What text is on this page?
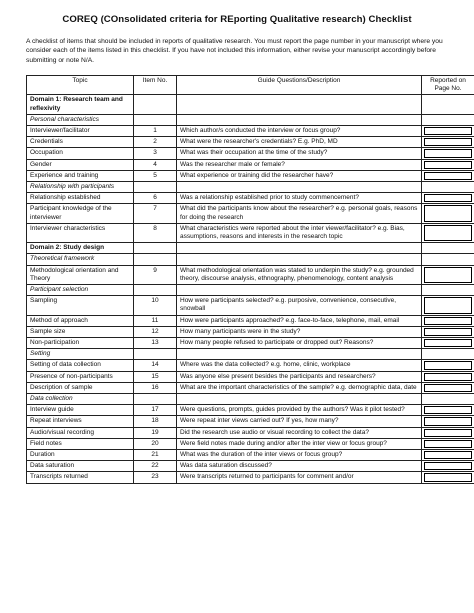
COREQ (COnsolidated criteria for REporting Qualitative research) Checklist
A checklist of items that should be included in reports of qualitative research. You must report the page number in your manuscript where you consider each of the items listed in this checklist. If you have not included this information, either revise your manuscript accordingly before submitting or note N/A.
Topic	Item No.	Guide Questions/Description	Reported on Page No.
Domain 1: Research team and reflexivity			
Personal characteristics			
Interviewer/facilitator	1	Which author/s conducted the interview or focus group?	

Credentials	2	What were the researcher's credentials? E.g. PhD, MD	

Occupation	3	What was their occupation at the time of the study?	

Gender	4	Was the researcher male or female?	

Experience and training	5	What experience or training did the researcher have?	

Relationship with participants			
Relationship established	6	Was a relationship established prior to study commencement?	

Participant knowledge of the interviewer	7	What did the participants know about the researcher? e.g. personal goals, reasons for doing the research	

Interviewer characteristics	8	What characteristics were reported about the inter viewer/facilitator? e.g. Bias, assumptions, reasons and interests in the research topic	

Domain 2: Study design			
Theoretical framework			
Methodological orientation and Theory	9	What methodological orientation was stated to underpin the study? e.g. grounded theory, discourse analysis, ethnography, phenomenology, content analysis	

Participant selection			
Sampling	10	How were participants selected? e.g. purposive, convenience, consecutive, snowball	

Method of approach	11	How were participants approached? e.g. face-to-face, telephone, mail, email	

Sample size	12	How many participants were in the study?	

Non-participation	13	How many people refused to participate or dropped out? Reasons?	

Setting			
Setting of data collection	14	Where was the data collected? e.g. home, clinic, workplace	

Presence of non-participants	15	Was anyone else present besides the participants and researchers?	

Description of sample	16	What are the important characteristics of the sample? e.g. demographic data, date	

Data collection			
Interview guide	17	Were questions, prompts, guides provided by the authors? Was it pilot tested?	

Repeat interviews	18	Were repeat inter views carried out? If yes, how many?	

Audio/visual recording	19	Did the research use audio or visual recording to collect the data?	

Field notes	20	Were field notes made during and/or after the inter view or focus group?	

Duration	21	What was the duration of the inter views or focus group?	

Data saturation	22	Was data saturation discussed?	

Transcripts returned	23	Were transcripts returned to participants for comment and/or	
